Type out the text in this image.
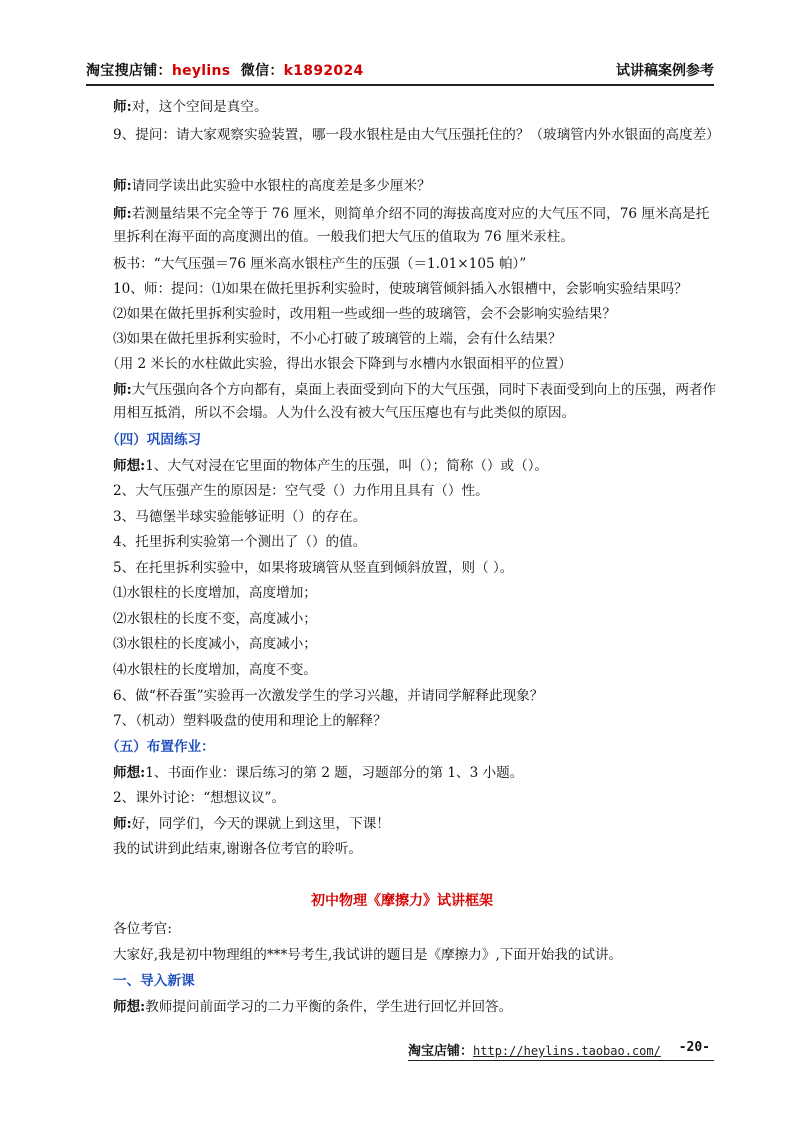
淘宝搜店铺：heylins  微信：k1892024	试讲稿案例参考
师:对，这个空间是真空。
9、提问：请大家观察实验装置，哪一段水银柱是由大气压强托住的？（玻璃管内外水银面的高度差）
师:请同学读出此实验中水银柱的高度差是多少厘米？
师:若测量结果不完全等于 76 厘米，则简单介绍不同的海拔高度对应的大气压不同，76 厘米高是托里拆利在海平面的高度测出的值。一般我们把大气压的值取为 76 厘米汞柱。
板书：“大气压强＝76 厘米高水银柱产生的压强（＝1.01×105 帕）”
10、师：提问：⑴如果在做托里拆利实验时，使玻璃管倾斜插入水银槽中，会影响实验结果吗？
⑵如果在做托里拆利实验时，改用粗一些或细一些的玻璃管，会不会影响实验结果？
⑶如果在做托里拆利实验时，不小心打破了玻璃管的上端，会有什么结果？
（用 2 米长的水柱做此实验，得出水银会下降到与水槽内水银面相平的位置）
师:大气压强向各个方向都有，桌面上表面受到向下的大气压强，同时下表面受到向上的压强，两者作用相互抵消，所以不会塌。人为什么没有被大气压压瘪也有与此类似的原因。
（四）巩固练习
师想:1、大气对浸在它里面的物体产生的压强，叫（）；简称（）或（）。
2、大气压强产生的原因是：空气受（）力作用且具有（）性。
3、马德堡半球实验能够证明（）的存在。
4、托里拆利实验第一个测出了（）的值。
5、在托里拆利实验中，如果将玻璃管从竖直到倾斜放置，则（ ）。
⑴水银柱的长度增加，高度增加；
⑵水银柱的长度不变，高度减小；
⑶水银柱的长度减小，高度减小；
⑷水银柱的长度增加，高度不变。
6、做“杯吞蛋”实验再一次激发学生的学习兴趣，并请同学解释此现象？
7、（机动）塑料吸盘的使用和理论上的解释？
（五）布置作业：
师想:1、书面作业：课后练习的第 2 题，习题部分的第 1、3 小题。
2、课外讨论：“想想议议”。
师:好，同学们，今天的课就上到这里，下课！
我的试讲到此结束,谢谢各位考官的聆听。
初中物理《摩擦力》试讲框架
各位考官:
大家好,我是初中物理组的***号考生,我试讲的题目是《摩擦力》,下面开始我的试讲。
一、导入新课
师想:教师提问前面学习的二力平衡的条件，学生进行回忆并回答。
淘宝店铺：http://heylins.taobao.com/ -20-
